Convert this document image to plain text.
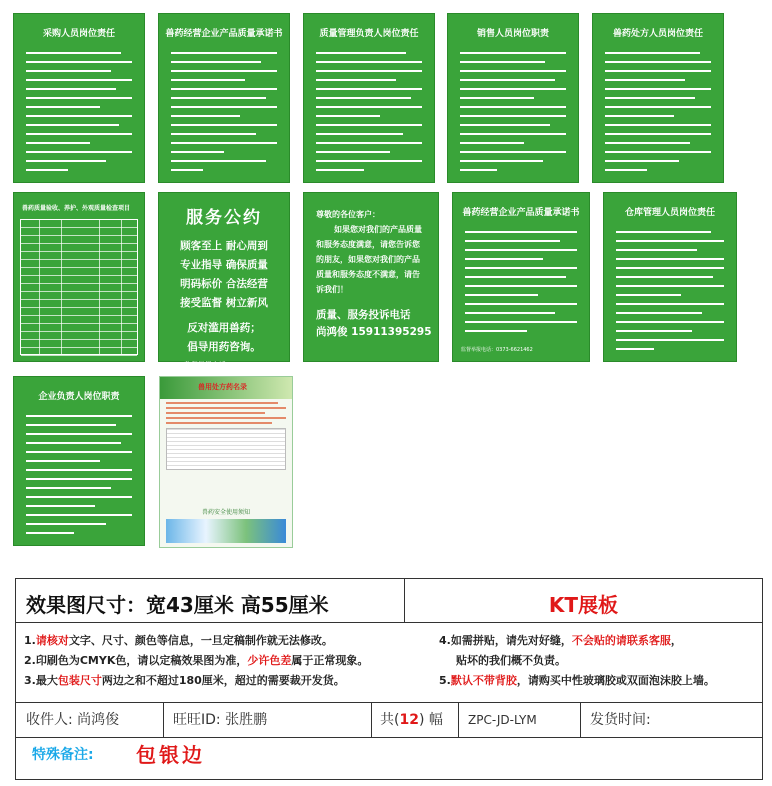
采购人员岗位责任	兽药经营企业产品质量承诺书	质量管理负责人岗位责任	销售人员岗位职责	兽药处方人员岗位责任
兽药质量验收、养护、外观质量检查项目	服务公约
顾客至上 耐心周到
专业指导 确保质量
明码标价 合法经营
接受监督 树立新风
反对滥用兽药；
倡导用药咨询。
监督举报电话：6621462
尊敬的各位客户：
如果您对我们的产品质量和服务态度满意，请您告诉您的朋友，如果您对我们的产品质量和服务态度不满意，请告诉我们！
质量、服务投诉电话
尚鸿俊 15911395295
兽药经营企业产品质量承诺书
监督举报电话：0373-6621462
仓库管理人员岗位责任
企业负责人岗位职责
兽用处方药名录
兽药安全使用须知
效果图尺寸：宽43厘米 高55厘米	KT展板
1.请核对文字、尺寸、颜色等信息，一旦定稿制作就无法修改。
2.印刷色为CMYK色，请以定稿效果图为准，少许色差属于正常现象。
3.最大包装尺寸两边之和不超过180厘米，超过的需要裁开发货。
4.如需拼贴，请先对好缝，不会贴的请联系客服，
贴坏的我们概不负责。
5.默认不带背胶，请购买中性玻璃胶或双面泡沫胶上墙。
收件人: 尚鸿俊	旺旺ID: 张胜鹏	共(12) 幅 ZPC-JD-LYM	发货时间:
特殊备注: 包银边
